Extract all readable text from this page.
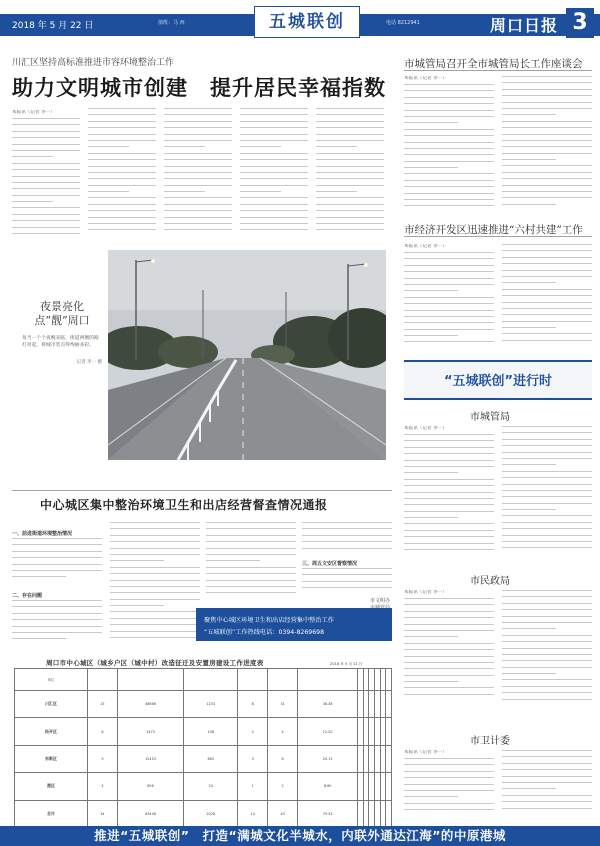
2018 年 5 月 22 日	值班：马 西	五城联创	电话 8212941	周口日报 3
川汇区坚持高标准推进市容环境整治工作
助力文明城市创建　提升居民幸福指数
本报讯（记者 李一）
夜景亮化
点“靓”周口
每当一个个夜晚来临，街道两侧的路灯亮起，将城市装点得绚丽多彩。
记者 李一 摄
中心城区集中整治环境卫生和出店经营督查情况通报
一、前进街道环境整治情况
二、存在问题
三、周五文安区督察情况
市文明办
聚焦中心城区环境卫生和出店经营集中整治工作
“五城联创”工作热线电话：0394-8269698
周口市中心城区（城乡户区（城中村）改造征迁及安置房建设工作进度表	2018 年 5 月 21 日
单位												
川汇区	15	48666	1233	8	31	38.38						
经开区	6	1473	108	2	4	12.20						
东新区	9	12453	663	3	6	20.15						
港区	4	856	24	1	2	8.60						
合计	34	63448	2028	14	43	79.33						
市城管局召开全市城管局长工作座谈会
本报讯（记者 李一）
市经济开发区迅速推进“六村共建”工作
本报讯（记者 李一）
“五城联创”进行时
市城管局
本报讯（记者 李一）
市民政局
本报讯（记者 李一）
市卫计委
本报讯（记者 李一）
推进“五城联创”　打造“满城文化半城水，内联外通达江海”的中原港城
